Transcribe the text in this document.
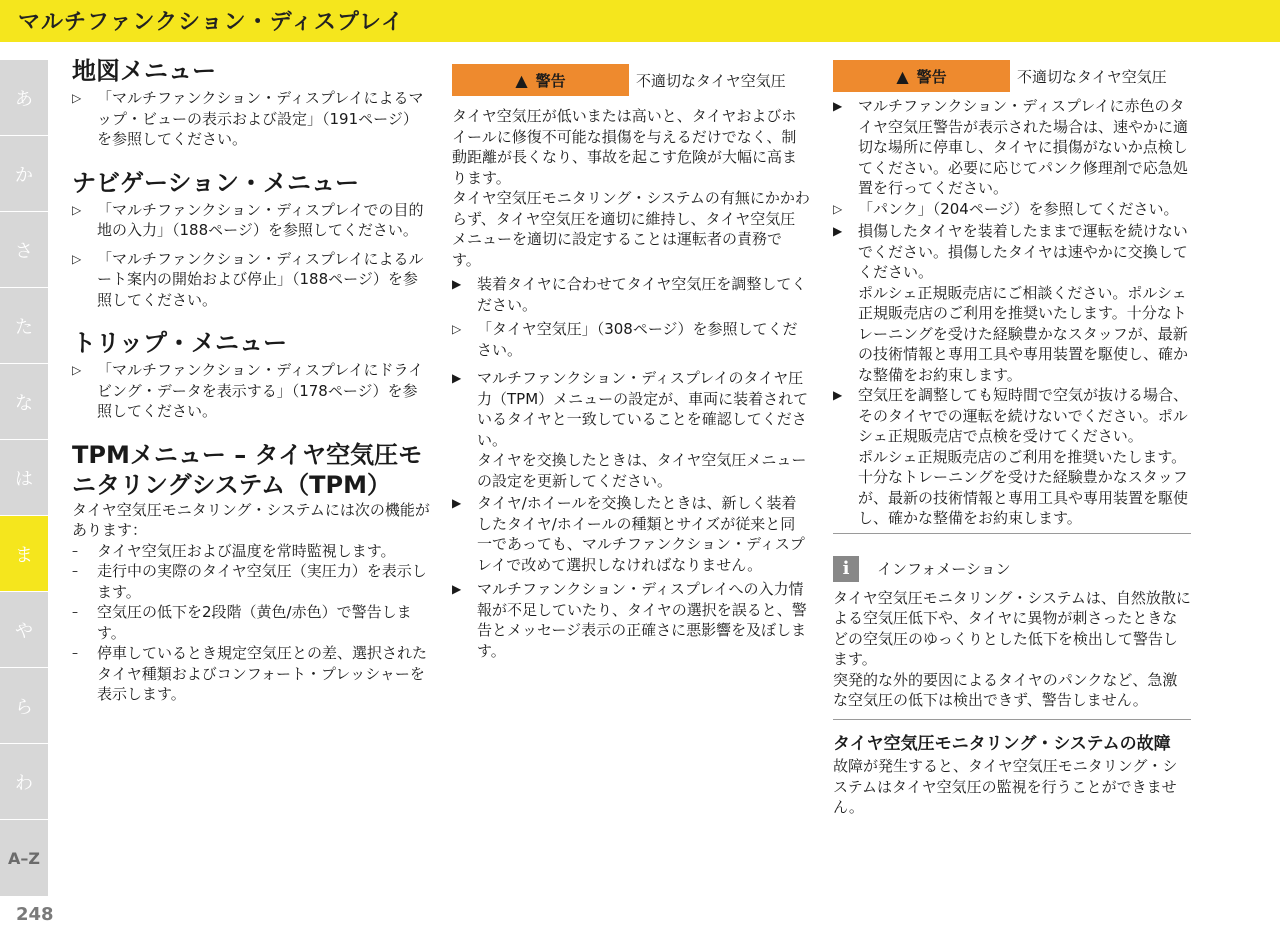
マルチファンクション・ディスプレイ
あ
か
さ
た
な
は
ま
や
ら
わ
A–Z
248
地図メニュー
▷ 「マルチファンクション・ディスプレイによるマップ・ビューの表示および設定」（191ページ）を参照してください。
ナビゲーション・メニュー
▷ 「マルチファンクション・ディスプレイでの目的地の入力」（188ページ）を参照してください。
▷ 「マルチファンクション・ディスプレイによるルート案内の開始および停止」（188ページ）を参照してください。
トリップ・メニュー
▷ 「マルチファンクション・ディスプレイにドライビング・データを表示する」（178ページ）を参照してください。
TPMメニュー – タイヤ空気圧モニタリングシステム（TPM）

タイヤ空気圧モニタリング・システムには次の機能があります：

– タイヤ空気圧および温度を常時監視します。
– 走行中の実際のタイヤ空気圧（実圧力）を表示します。
– 空気圧の低下を2段階（黄色/赤色）で警告します。
– 停車しているとき規定空気圧との差、選択されたタイヤ種類およびコンフォート・プレッシャーを表示します。
▲ 警告	不適切なタイヤ空気圧

タイヤ空気圧が低いまたは高いと、タイヤおよびホイールに修復不可能な損傷を与えるだけでなく、制動距離が長くなり、事故を起こす危険が大幅に高まります。

タイヤ空気圧モニタリング・システムの有無にかかわらず、タイヤ空気圧を適切に維持し、タイヤ空気圧メニューを適切に設定することは運転者の責務です。

▶ 装着タイヤに合わせてタイヤ空気圧を調整してください。
▷ 「タイヤ空気圧」（308ページ）を参照してください。
▶ マルチファンクション・ディスプレイのタイヤ圧力（TPM）メニューの設定が、車両に装着されているタイヤと一致していることを確認してください。
タイヤを交換したときは、タイヤ空気圧メニューの設定を更新してください。
▶ タイヤ/ホイールを交換したときは、新しく装着したタイヤ/ホイールの種類とサイズが従来と同一であっても、マルチファンクション・ディスプレイで改めて選択しなければなりません。
▶ マルチファンクション・ディスプレイへの入力情報が不足していたり、タイヤの選択を誤ると、警告とメッセージ表示の正確さに悪影響を及ぼします。
▲ 警告	不適切なタイヤ空気圧
▶ マルチファンクション・ディスプレイに赤色のタイヤ空気圧警告が表示された場合は、速やかに適切な場所に停車し、タイヤに損傷がないか点検してください。必要に応じてパンク修理剤で応急処置を行ってください。
▷ 「パンク」（204ページ）を参照してください。
▶ 損傷したタイヤを装着したままで運転を続けないでください。損傷したタイヤは速やかに交換してください。
ポルシェ正規販売店にご相談ください。ポルシェ正規販売店のご利用を推奨いたします。十分なトレーニングを受けた経験豊かなスタッフが、最新の技術情報と専用工具や専用装置を駆使し、確かな整備をお約束します。
▶ 空気圧を調整しても短時間で空気が抜ける場合、そのタイヤでの運転を続けないでください。ポルシェ正規販売店で点検を受けてください。
ポルシェ正規販売店のご利用を推奨いたします。十分なトレーニングを受けた経験豊かなスタッフが、最新の技術情報と専用工具や専用装置を駆使し、確かな整備をお約束します。
i	インフォメーション

タイヤ空気圧モニタリング・システムは、自然放散による空気圧低下や、タイヤに異物が刺さったときなどの空気圧のゆっくりとした低下を検出して警告します。

突発的な外的要因によるタイヤのパンクなど、急激な空気圧の低下は検出できず、警告しません。

タイヤ空気圧モニタリング・システムの故障

故障が発生すると、タイヤ空気圧モニタリング・システムはタイヤ空気圧の監視を行うことができません。
